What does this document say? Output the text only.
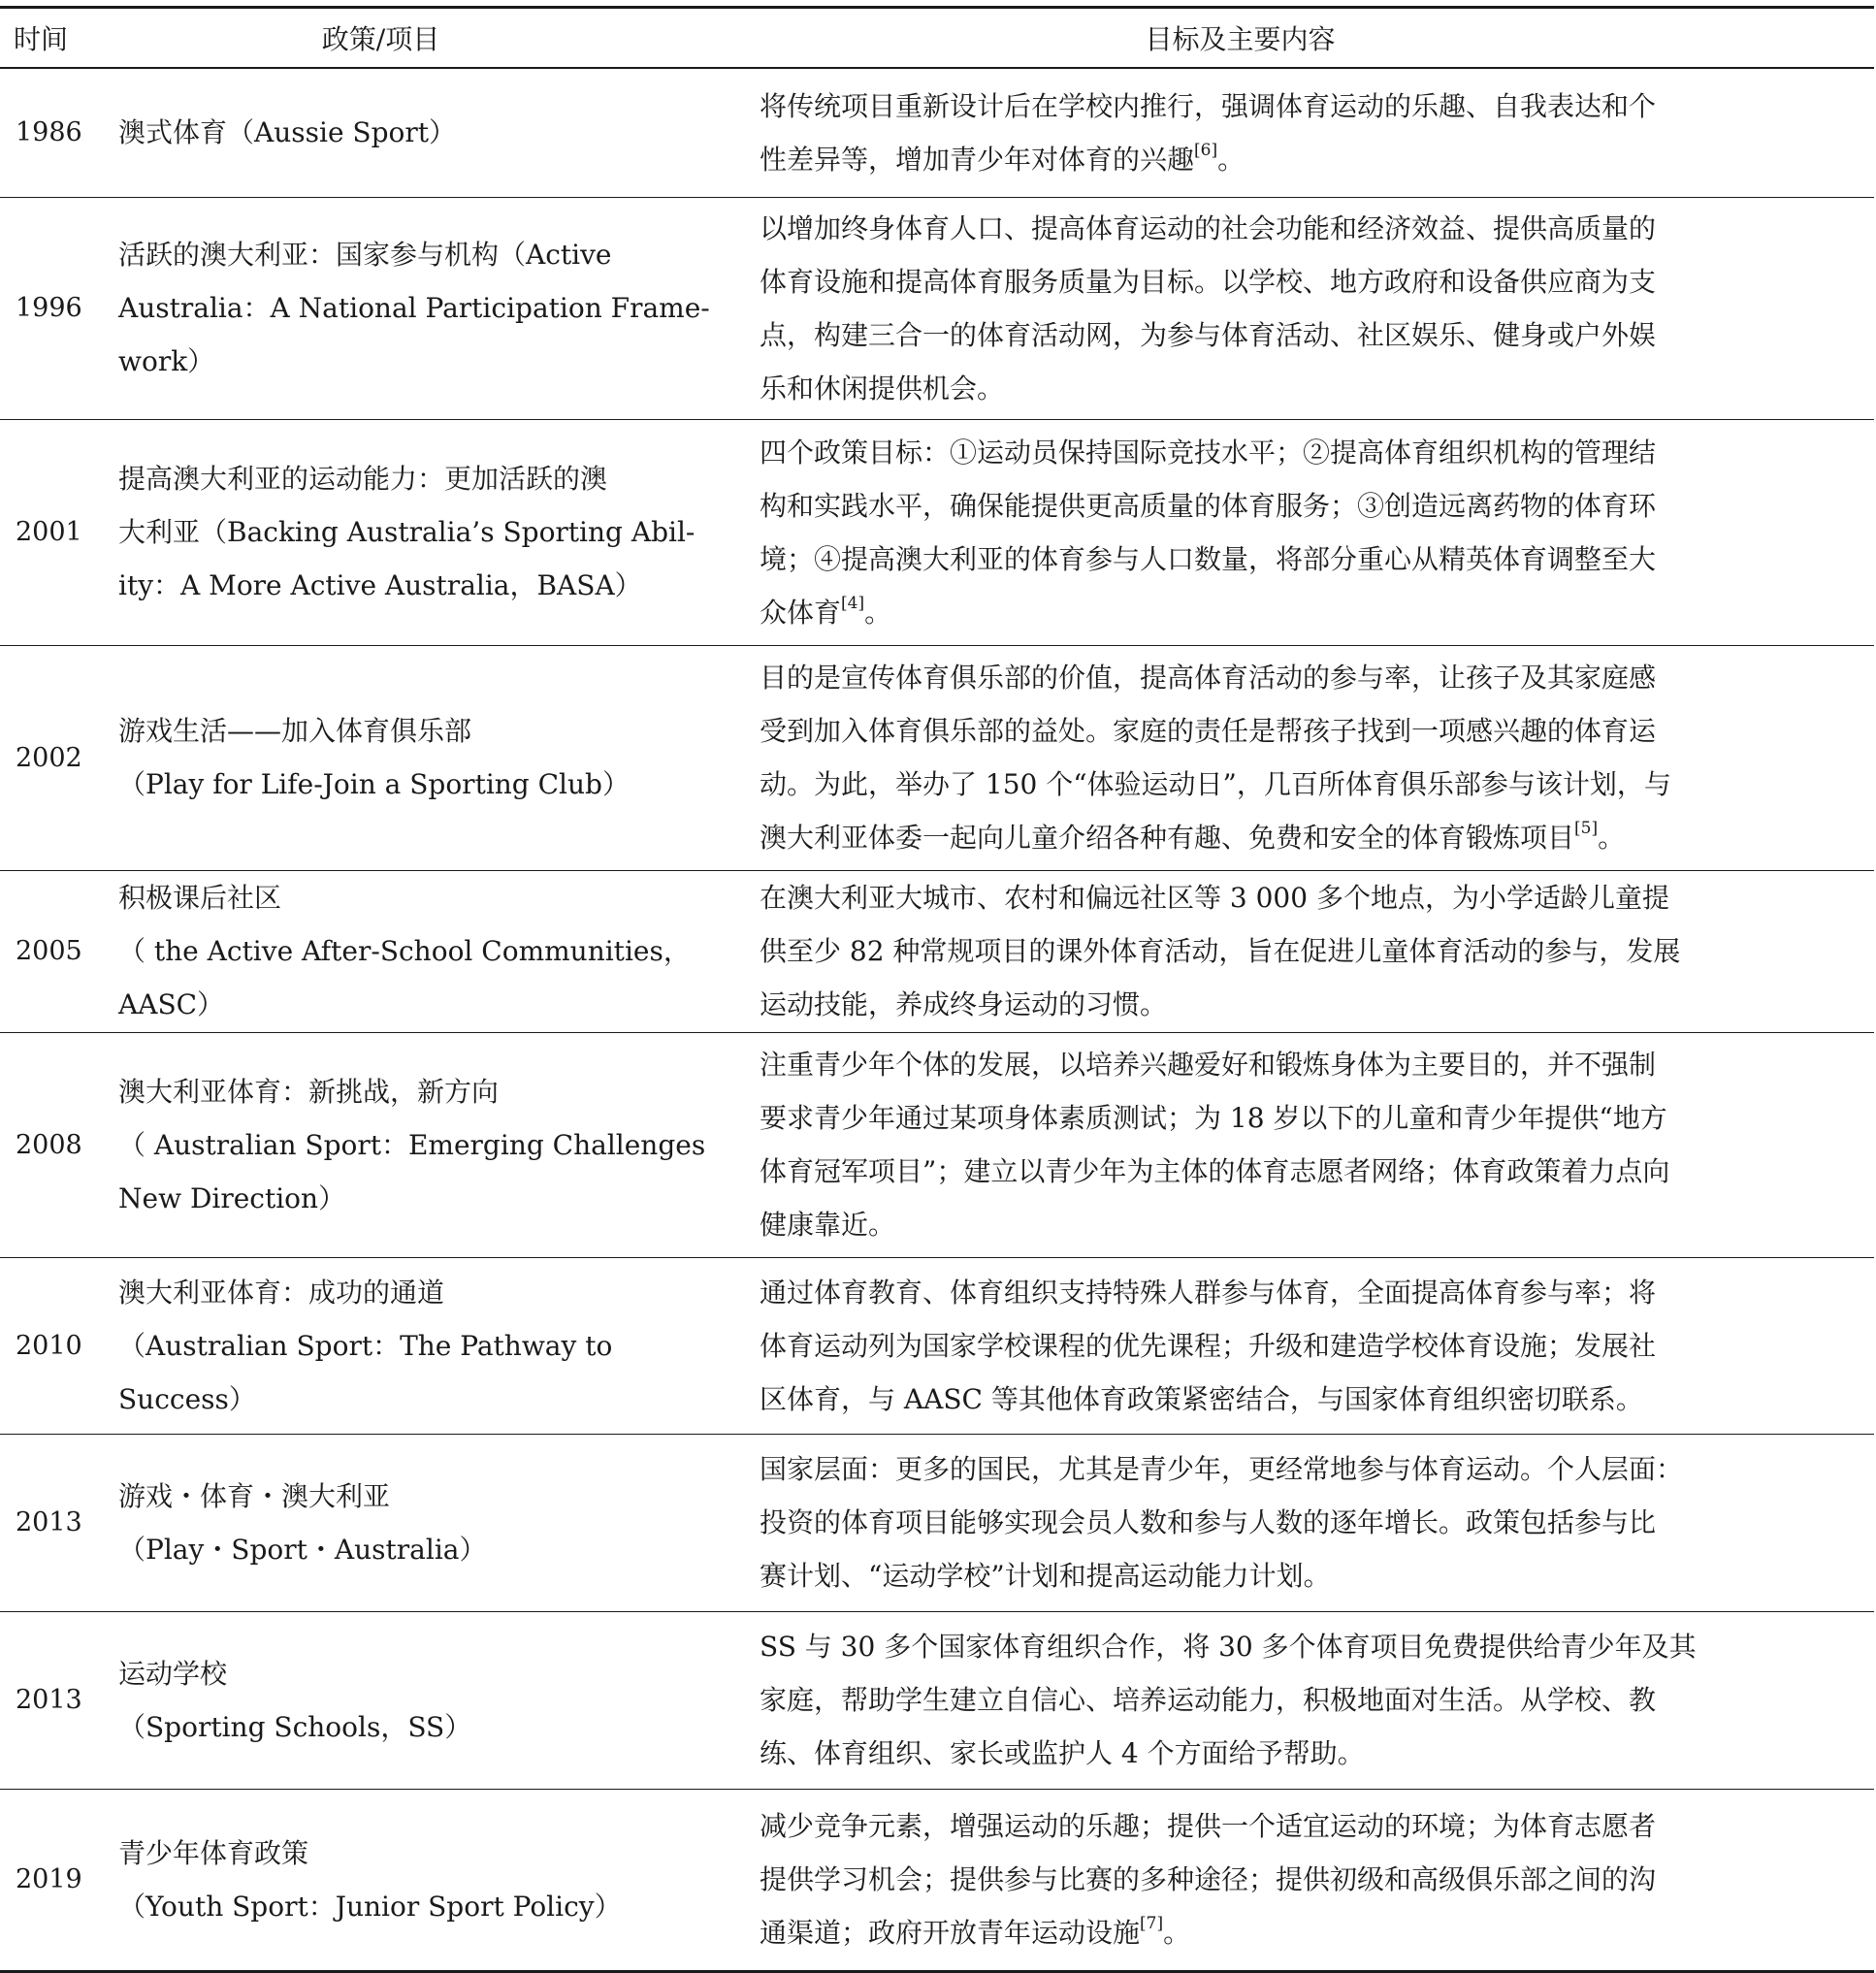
时间	政策/项目	目标及主要内容
1986	澳式体育（Aussie Sport）	将传统项目重新设计后在学校内推行，强调体育运动的乐趣、自我表达和个
性差异等，增加青少年对体育的兴趣[6]。

1996	活跃的澳大利亚：国家参与机构（Active
Australia：A National Participation Frame-
work）	以增加终身体育人口、提高体育运动的社会功能和经济效益、提供高质量的
体育设施和提高体育服务质量为目标。以学校、地方政府和设备供应商为支
点，构建三合一的体育活动网，为参与体育活动、社区娱乐、健身或户外娱
乐和休闲提供机会。

2001	提高澳大利亚的运动能力：更加活跃的澳
大利亚（Backing Australia’s Sporting Abil-
ity：A More Active Australia，BASA）	四个政策目标：①运动员保持国际竞技水平；②提高体育组织机构的管理结
构和实践水平，确保能提供更高质量的体育服务；③创造远离药物的体育环
境；④提高澳大利亚的体育参与人口数量，将部分重心从精英体育调整至大
众体育[4]。

2002	游戏生活——加入体育俱乐部
（Play for Life-Join a Sporting Club）	目的是宣传体育俱乐部的价值，提高体育活动的参与率，让孩子及其家庭感
受到加入体育俱乐部的益处。家庭的责任是帮孩子找到一项感兴趣的体育运
动。为此，举办了 150 个“体验运动日”，几百所体育俱乐部参与该计划，与
澳大利亚体委一起向儿童介绍各种有趣、免费和安全的体育锻炼项目[5]。

2005	积极课后社区
（ the Active After-School Communities，
AASC）	在澳大利亚大城市、农村和偏远社区等 3 000 多个地点，为小学适龄儿童提
供至少 82 种常规项目的课外体育活动，旨在促进儿童体育活动的参与，发展
运动技能，养成终身运动的习惯。

2008	澳大利亚体育：新挑战，新方向
（ Australian Sport：Emerging Challenges
New Direction）	注重青少年个体的发展，以培养兴趣爱好和锻炼身体为主要目的，并不强制
要求青少年通过某项身体素质测试；为 18 岁以下的儿童和青少年提供“地方
体育冠军项目”；建立以青少年为主体的体育志愿者网络；体育政策着力点向
健康靠近。

2010	澳大利亚体育：成功的通道
（Australian Sport：The Pathway to
Success）	通过体育教育、体育组织支持特殊人群参与体育，全面提高体育参与率；将
体育运动列为国家学校课程的优先课程；升级和建造学校体育设施；发展社
区体育，与 AASC 等其他体育政策紧密结合，与国家体育组织密切联系。

2013	游戏・体育・澳大利亚
（Play・Sport・Australia）	国家层面：更多的国民，尤其是青少年，更经常地参与体育运动。个人层面：
投资的体育项目能够实现会员人数和参与人数的逐年增长。政策包括参与比
赛计划、“运动学校”计划和提高运动能力计划。

2013	运动学校
（Sporting Schools，SS）	SS 与 30 多个国家体育组织合作，将 30 多个体育项目免费提供给青少年及其
家庭，帮助学生建立自信心、培养运动能力，积极地面对生活。从学校、教
练、体育组织、家长或监护人 4 个方面给予帮助。

2019	青少年体育政策
（Youth Sport：Junior Sport Policy）	减少竞争元素，增强运动的乐趣；提供一个适宜运动的环境；为体育志愿者
提供学习机会；提供参与比赛的多种途径；提供初级和高级俱乐部之间的沟
通渠道；政府开放青年运动设施[7]。
